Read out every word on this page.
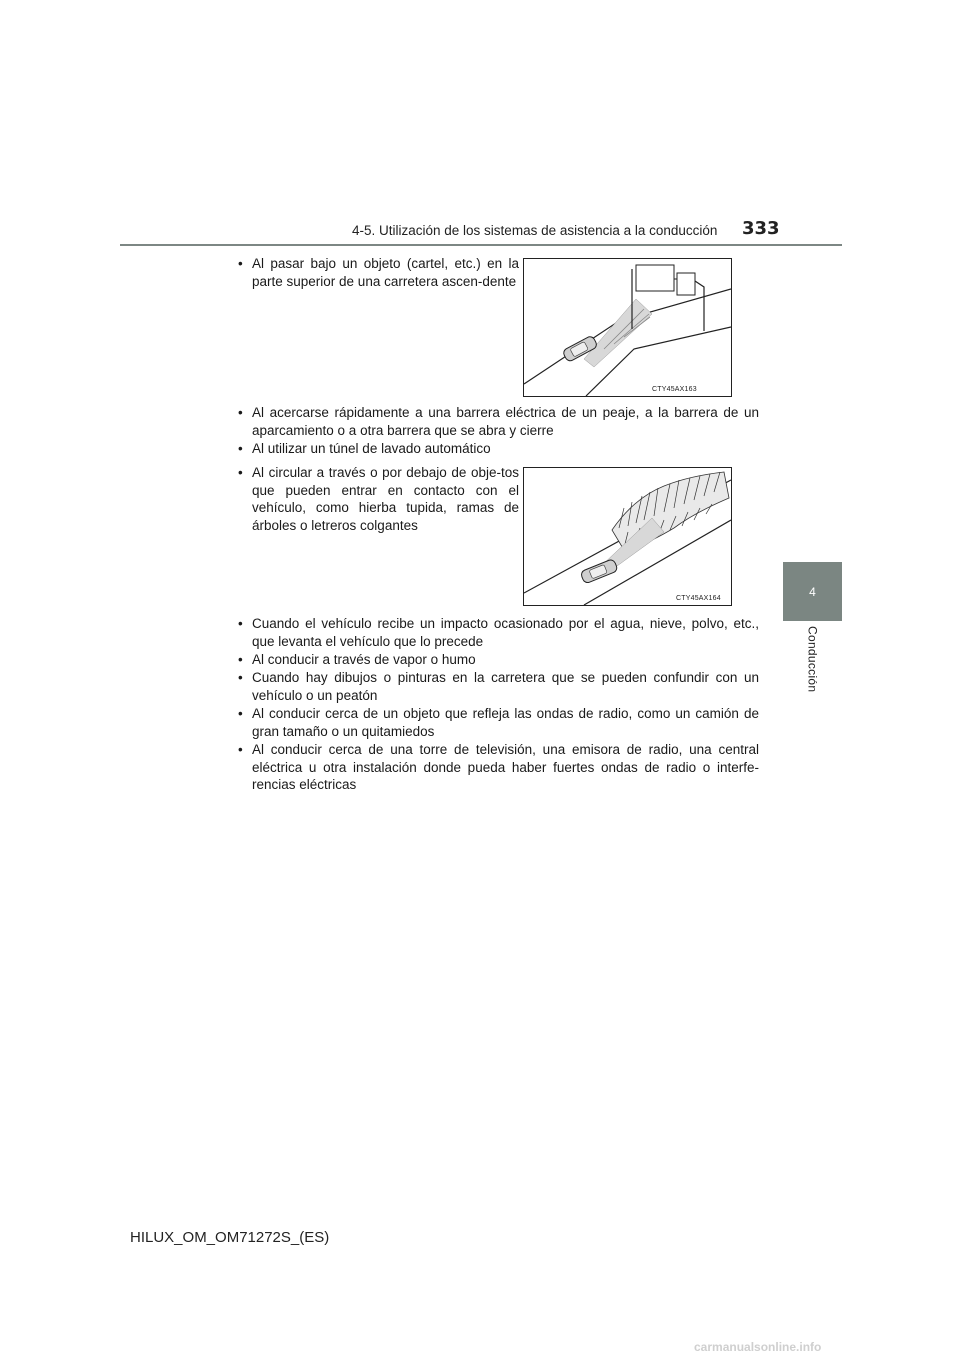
4-5. Utilización de los sistemas de asistencia a la conducción 333
4
Conducción
• Al pasar bajo un objeto (cartel, etc.) en la parte superior de una carretera ascen-dente
CTY45AX163
• Al acercarse rápidamente a una barrera eléctrica de un peaje, a la barrera de un aparcamiento o a otra barrera que se abra y cierre
• Al utilizar un túnel de lavado automático
• Al circular a través o por debajo de obje-tos que pueden entrar en contacto con el vehículo, como hierba tupida, ramas de árboles o letreros colgantes
CTY45AX164
• Cuando el vehículo recibe un impacto ocasionado por el agua, nieve, polvo, etc., que levanta el vehículo que lo precede
• Al conducir a través de vapor o humo
• Cuando hay dibujos o pinturas en la carretera que se pueden confundir con un vehículo o un peatón
• Al conducir cerca de un objeto que refleja las ondas de radio, como un camión de gran tamaño o un quitamiedos
• Al conducir cerca de una torre de televisión, una emisora de radio, una central eléctrica u otra instalación donde pueda haber fuertes ondas de radio o interfe-rencias eléctricas
HILUX_OM_OM71272S_(ES)
carmanualsonline.info
